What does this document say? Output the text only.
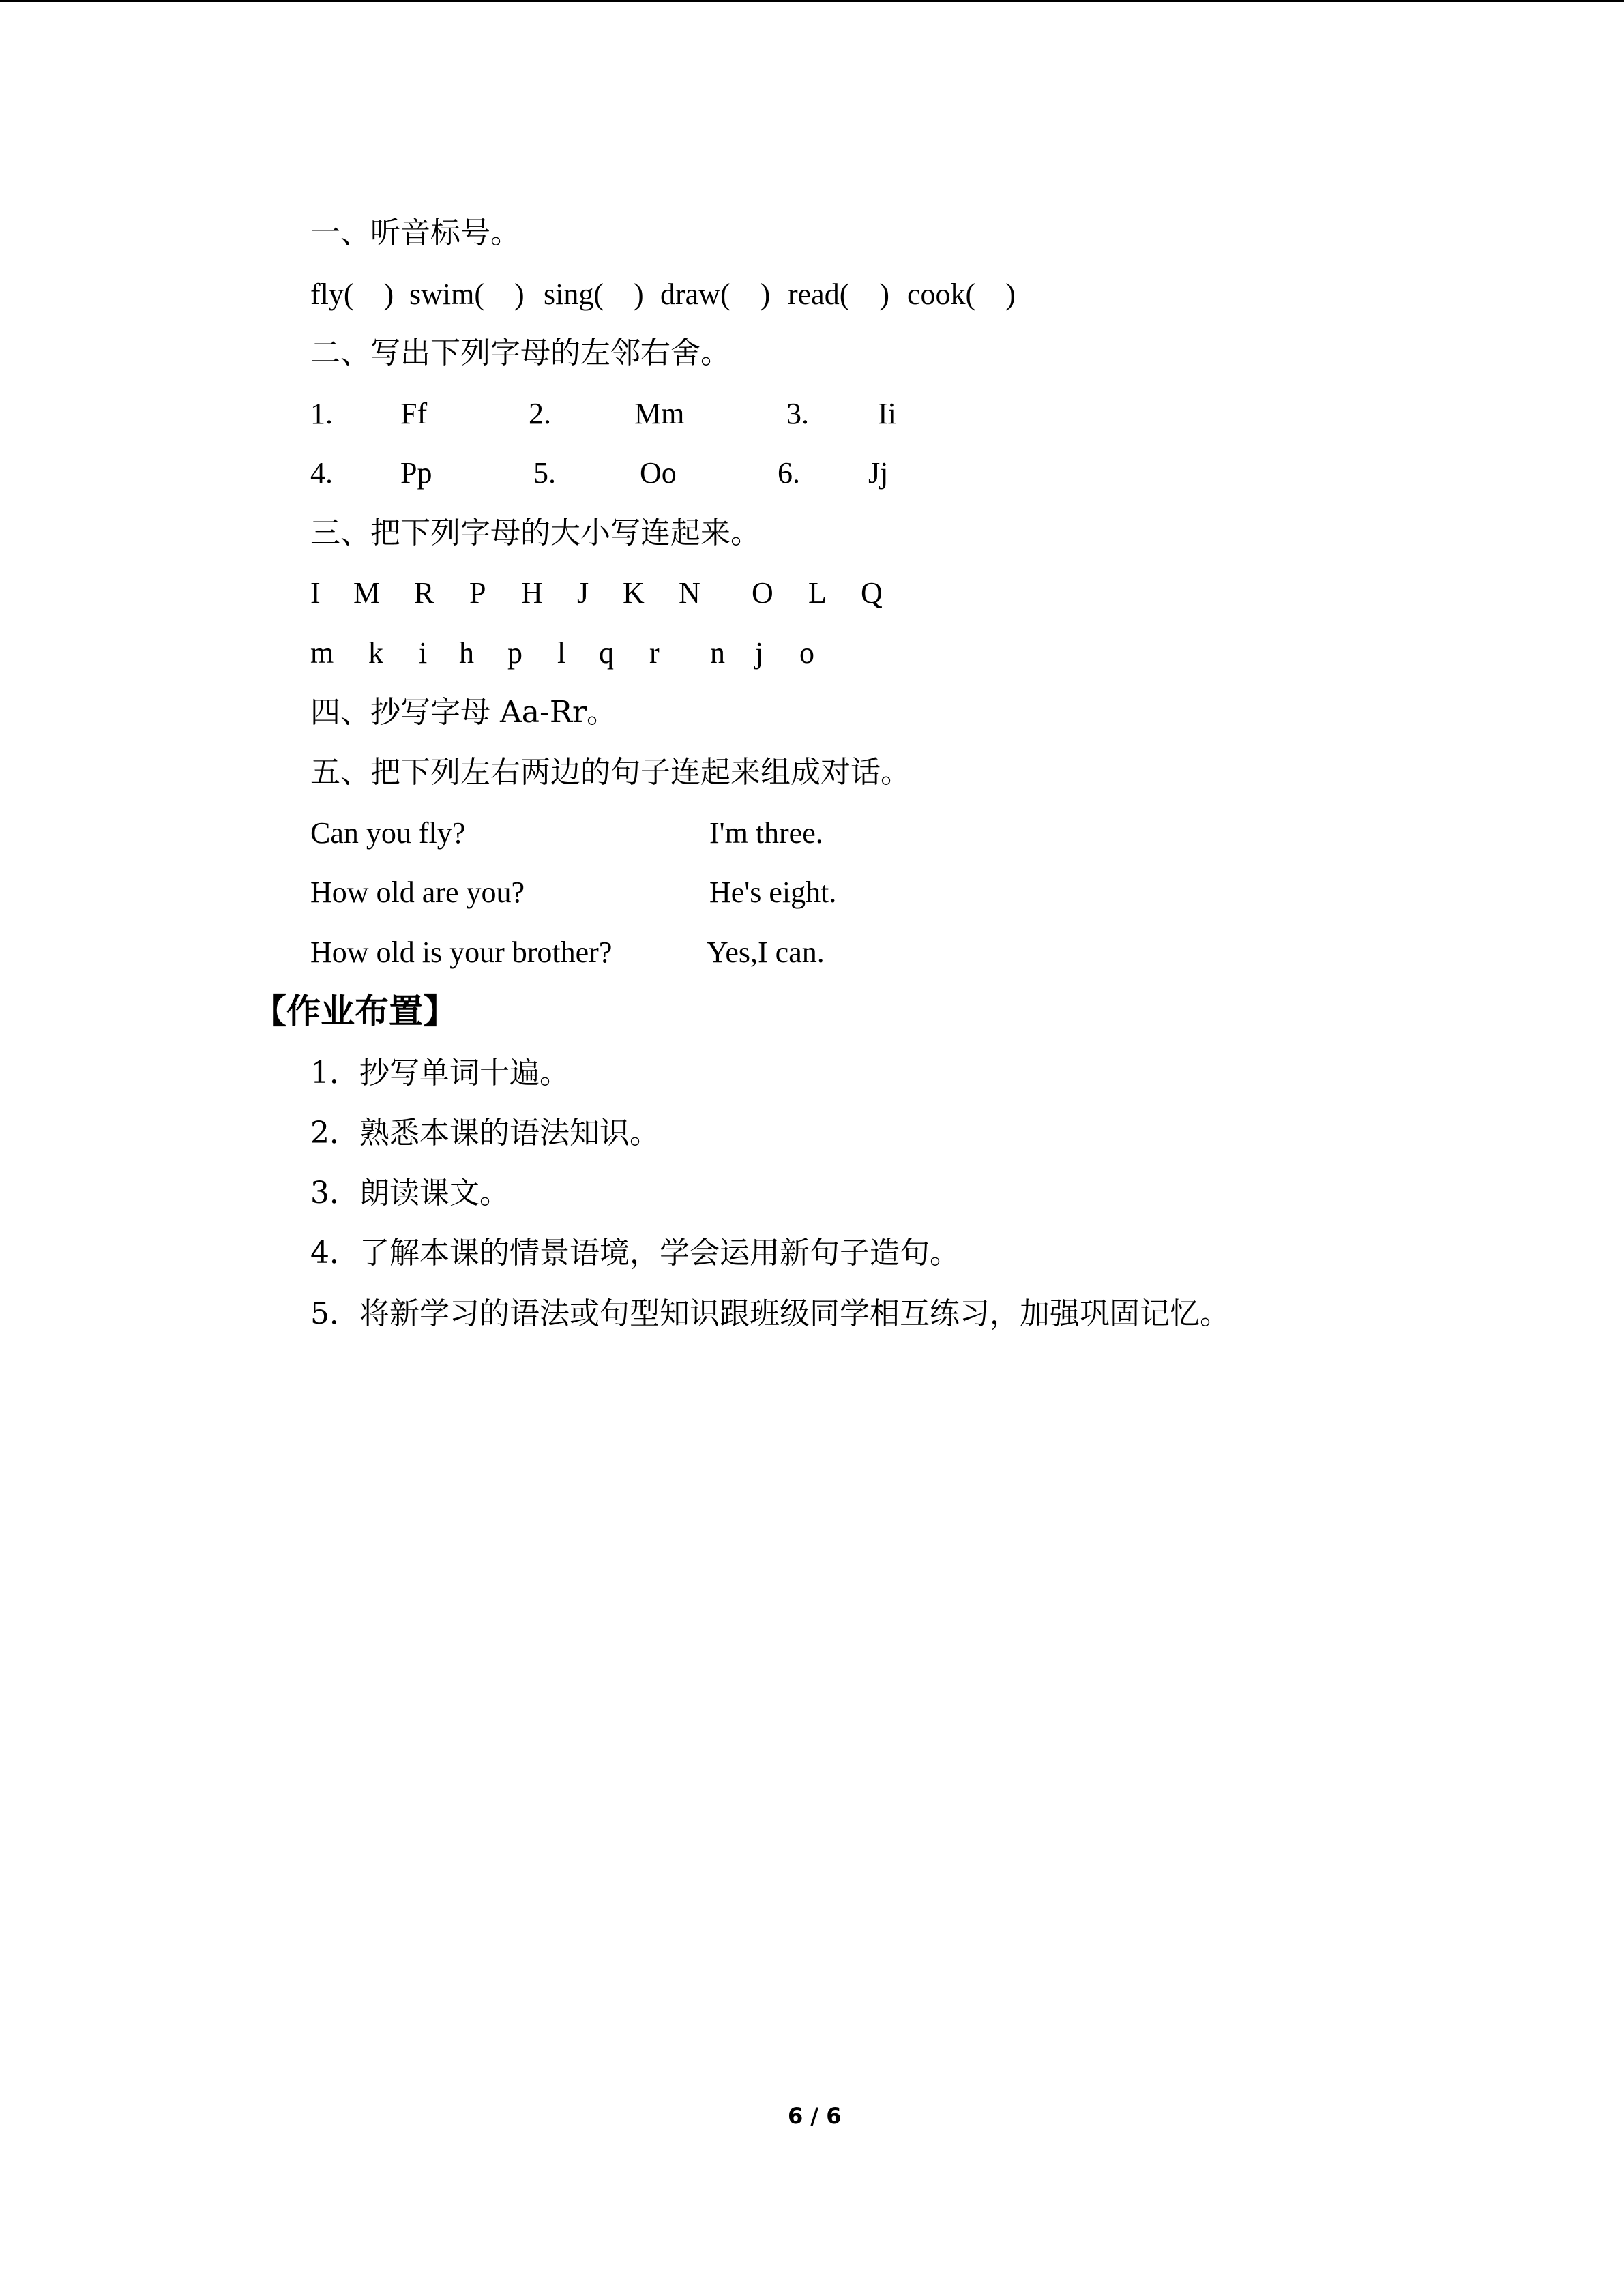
一、听音标号。
fly(    ) swim(    ) sing(    ) draw(    ) read(    ) cook(    )
二、写出下列字母的左邻右舍。
1. Ff	2.	Mm	3. Ii
4. Pp	5.	Oo	6. Jj
三、把下列字母的大小写连起来。
I M R P H J K N O L Q
m k i h p l q r n j o
四、抄写字母 Aa-Rr。
五、把下列左右两边的句子连起来组成对话。
Can you fly?	I'm three.
How old are you?	He's eight.
How old is your brother?	Yes,I can.
【作业布置】
1．抄写单词十遍。
2．熟悉本课的语法知识。
3．朗读课文。
4．了解本课的情景语境，学会运用新句子造句。
5．将新学习的语法或句型知识跟班级同学相互练习，加强巩固记忆。
6 / 6
